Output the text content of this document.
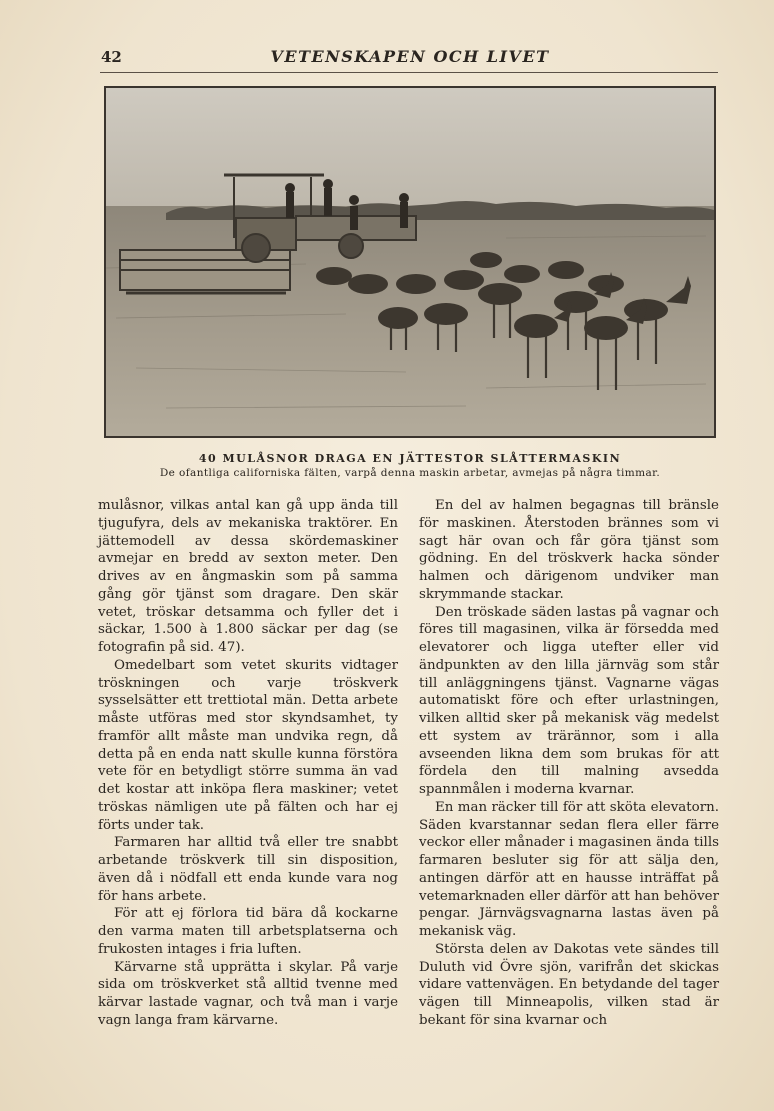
42	VETENSKAPEN OCH LIVET
40 MULÅSNOR DRAGA EN JÄTTESTOR SLÅTTERMASKIN
De ofantliga californiska fälten, varpå denna maskin arbetar, avmejas på några timmar.

mulåsnor, vilkas antal kan gå upp ända till tjugufyra, dels av mekaniska traktörer. En jättemodell av dessa skördemaskiner avmejar en bredd av sexton meter. Den drives av en ångmaskin som på samma gång gör tjänst som dragare. Den skär vetet, tröskar detsamma och fyller det i säckar, 1.500 à 1.800 säckar per dag (se fotografin på sid. 47).

Omedelbart som vetet skurits vidtager tröskningen och varje tröskverk sysselsätter ett trettiotal män. Detta arbete måste utföras med stor skyndsamhet, ty framför allt måste man undvika regn, då detta på en enda natt skulle kunna förstöra vete för en betydligt större summa än vad det kostar att inköpa flera maskiner; vetet tröskas nämligen ute på fälten och har ej förts under tak.

Farmaren har alltid två eller tre snabbt arbetande tröskverk till sin disposition, även då i nödfall ett enda kunde vara nog för hans arbete.

För att ej förlora tid bära då kockarne den varma maten till arbetsplatserna och frukosten intages i fria luften.

Kärvarne stå upprätta i skylar. På varje sida om tröskverket stå alltid tvenne med kärvar lastade vagnar, och två man i varje vagn langa fram kärvarne.

En del av halmen begagnas till bränsle för maskinen. Återstoden brännes som vi sagt här ovan och får göra tjänst som gödning. En del tröskverk hacka sönder halmen och därigenom undviker man skrymmande stackar.

Den tröskade säden lastas på vagnar och föres till magasinen, vilka är försedda med elevatorer och ligga utefter eller vid ändpunkten av den lilla järnväg som står till anläggningens tjänst. Vagnarne vägas automatiskt före och efter urlastningen, vilken alltid sker på mekanisk väg medelst ett system av trärännor, som i alla avseenden likna dem som brukas för att fördela den till malning avsedda spannmålen i moderna kvarnar.

En man räcker till för att sköta elevatorn. Säden kvarstannar sedan flera eller färre veckor eller månader i magasinen ända tills farmaren besluter sig för att sälja den, antingen därför att en hausse inträffat på vetemarknaden eller därför att han behöver pengar. Järnvägsvagnarna lastas även på mekanisk väg.

Största delen av Dakotas vete sändes till Duluth vid Övre sjön, varifrån det skickas vidare vattenvägen. En betydande del tager vägen till Minneapolis, vilken stad är bekant för sina kvarnar och
